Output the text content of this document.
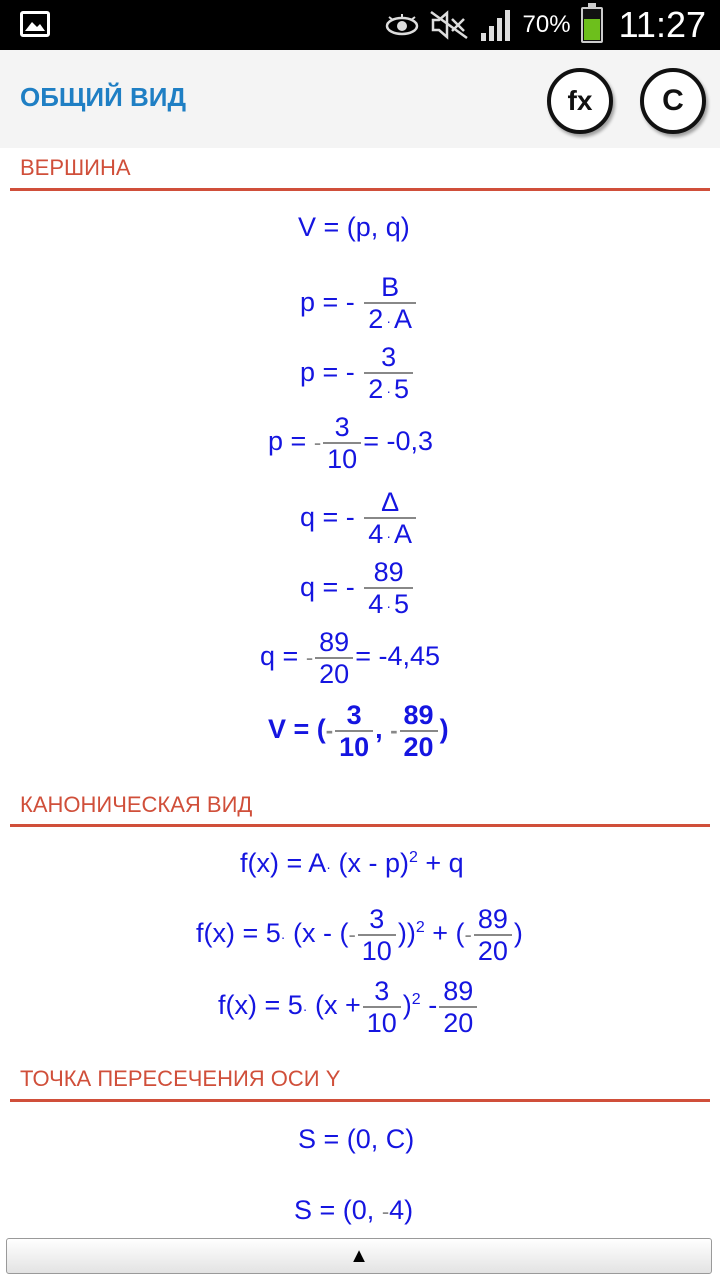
70% 11:27
ОБЩИЙ ВИД	fx C
ВЕРШИНА
V = (p, q)
p = - $\frac{B}{2 \cdot A}$
p = - $\frac{3}{2 \cdot 5}$
p = - $\frac{3}{10} = -0,3$
q = - $\frac{\Delta}{4 \cdot A}$
q = - $\frac{89}{4 \cdot 5}$
q = - $\frac{89}{20} = -4,45$
V = (- $\frac{3}{10}$ , - $\frac{89}{20}$ )
КАНОНИЧЕСКАЯ ВИД
f(x) = A· (x - p)$^2$ + q
f(x) = 5· (x - (- $\frac{3}{10} ))^2$ + (- $\frac{89}{20}$ )
$f(x) = 5\cdot (x + \frac{3}{10} )^2 - \frac{89}{20}$
ТОЧКА ПЕРЕСЕЧЕНИЯ ОСИ Y
S = (0, C)
S = (0, -4)
▲
